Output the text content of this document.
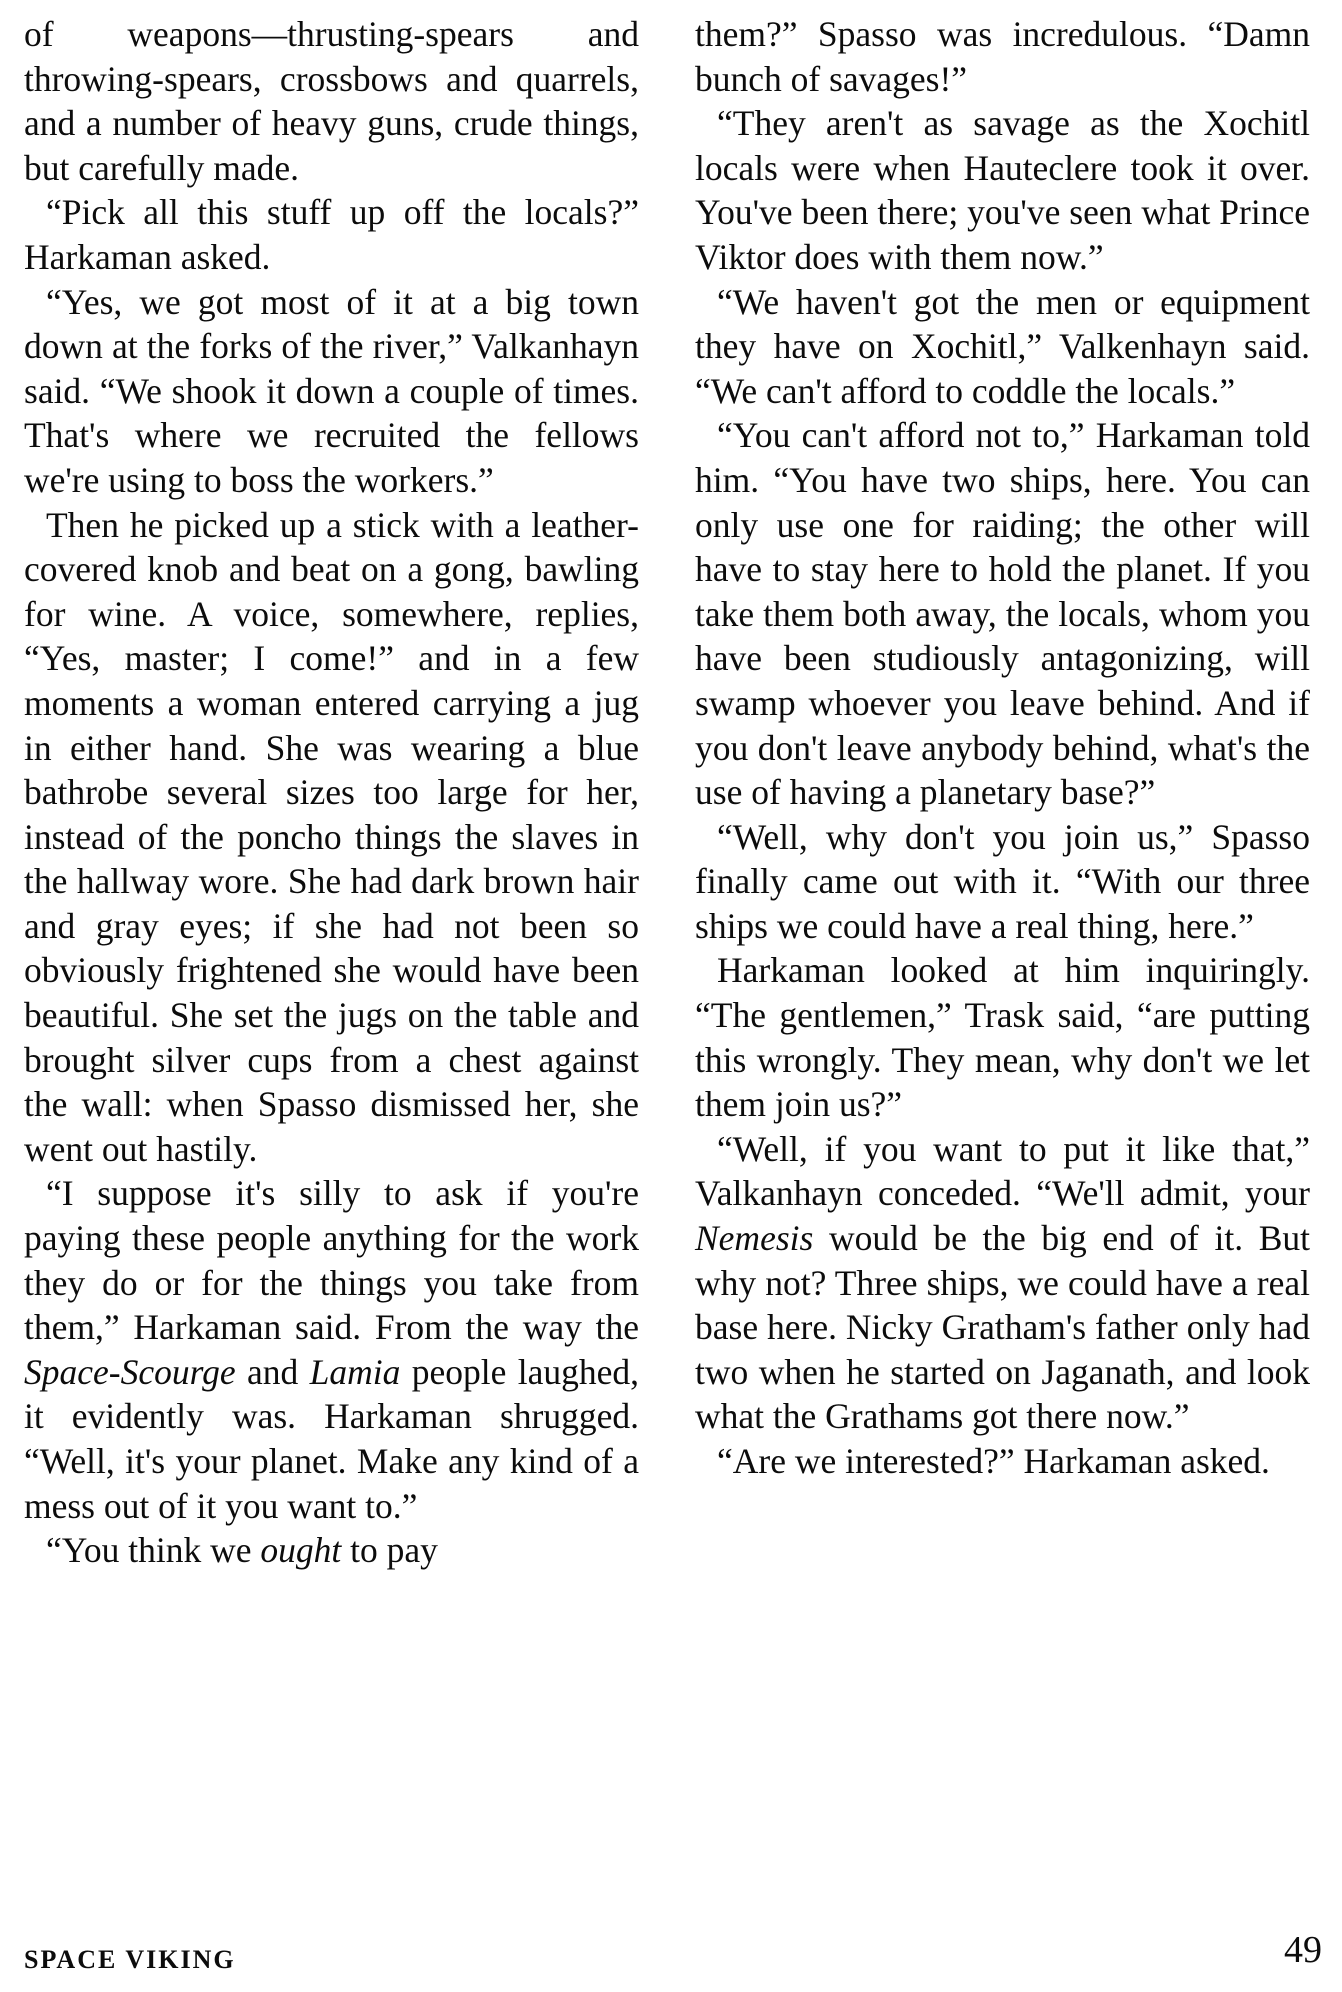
of weapons—thrusting-spears and throwing-spears, crossbows and quarrels, and a number of heavy guns, crude things, but carefully made.

“Pick all this stuff up off the locals?” Harkaman asked.

“Yes, we got most of it at a big town down at the forks of the river,” Valkanhayn said. “We shook it down a couple of times. That's where we recruited the fellows we're using to boss the workers.”

Then he picked up a stick with a leather-covered knob and beat on a gong, bawling for wine. A voice, somewhere, replies, “Yes, master; I come!” and in a few moments a woman entered carrying a jug in either hand. She was wearing a blue bathrobe several sizes too large for her, instead of the poncho things the slaves in the hallway wore. She had dark brown hair and gray eyes; if she had not been so obviously frightened she would have been beautiful. She set the jugs on the table and brought silver cups from a chest against the wall: when Spasso dismissed her, she went out hastily.

“I suppose it's silly to ask if you're paying these people anything for the work they do or for the things you take from them,” Harkaman said. From the way the Space-Scourge and Lamia people laughed, it evidently was. Harkaman shrugged. “Well, it's your planet. Make any kind of a mess out of it you want to.”

“You think we ought to pay

them?” Spasso was incredulous. “Damn bunch of savages!”

“They aren't as savage as the Xochitl locals were when Hauteclere took it over. You've been there; you've seen what Prince Viktor does with them now.”

“We haven't got the men or equipment they have on Xochitl,” Valkenhayn said. “We can't afford to coddle the locals.”

“You can't afford not to,” Harkaman told him. “You have two ships, here. You can only use one for raiding; the other will have to stay here to hold the planet. If you take them both away, the locals, whom you have been studiously antagonizing, will swamp whoever you leave behind. And if you don't leave anybody behind, what's the use of having a planetary base?”

“Well, why don't you join us,” Spasso finally came out with it. “With our three ships we could have a real thing, here.”

Harkaman looked at him inquiringly. “The gentlemen,” Trask said, “are putting this wrongly. They mean, why don't we let them join us?”

“Well, if you want to put it like that,” Valkanhayn conceded. “We'll admit, your Nemesis would be the big end of it. But why not? Three ships, we could have a real base here. Nicky Gratham's father only had two when he started on Jaganath, and look what the Grathams got there now.”

“Are we interested?” Harkaman asked.

SPACE VIKING	49
